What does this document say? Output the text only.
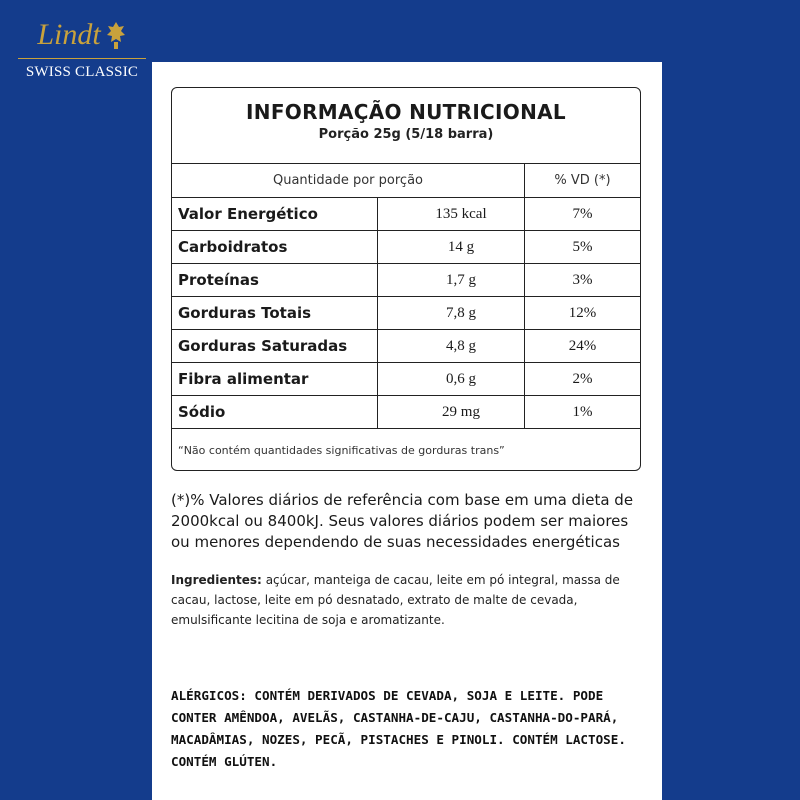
Lindt
SWISS CLASSIC
INFORMAÇÃO NUTRICIONAL
Porção 25g (5/18 barra)
Quantidade por porção	% VD (*)
Valor Energético	135 kcal	7%
Carboidratos	14 g	5%
Proteínas	1,7 g	3%
Gorduras Totais	7,8 g	12%
Gorduras Saturadas	4,8 g	24%
Fibra alimentar	0,6 g	2%
Sódio	29 mg	1%
“Não contém quantidades significativas de gorduras trans”
(*)% Valores diários de referência com base em uma dieta de 2000kcal ou 8400kJ. Seus valores diários podem ser maiores ou menores dependendo de suas necessidades energéticas
Ingredientes: açúcar, manteiga de cacau, leite em pó integral, massa de cacau, lactose, leite em pó desnatado, extrato de malte de cevada, emulsificante lecitina de soja e aromatizante.
ALÉRGICOS: CONTÉM DERIVADOS DE CEVADA, SOJA E LEITE. PODE CONTER AMÊNDOA, AVELÃS, CASTANHA-DE-CAJU, CASTANHA-DO-PARÁ, MACADÂMIAS, NOZES, PECÃ, PISTACHES E PINOLI. CONTÉM LACTOSE. CONTÉM GLÚTEN.
